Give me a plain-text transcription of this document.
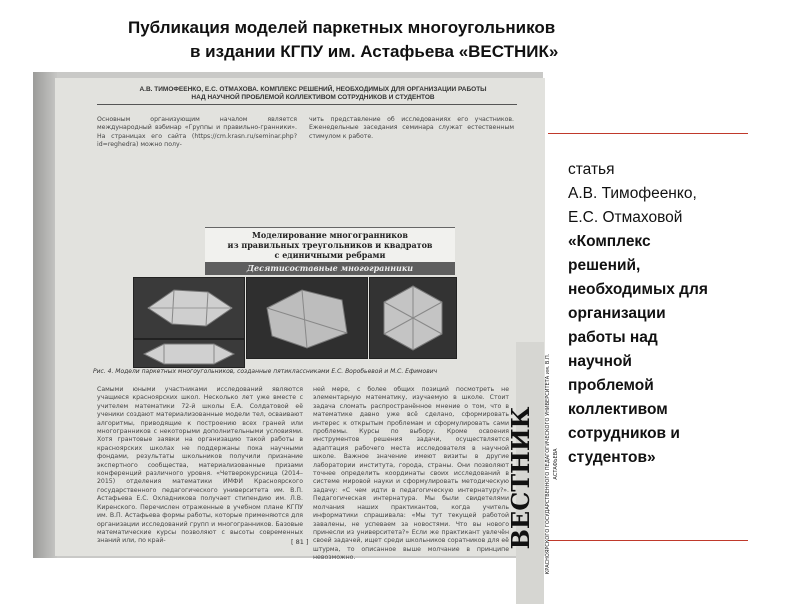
Публикация моделей паркетных многоугольников
в издании КГПУ им. Астафьева «ВЕСТНИК»
А.В. ТИМОФЕЕНКО, Е.С. ОТМАХОВА. КОМПЛЕКС РЕШЕНИЙ, НЕОБХОДИМЫХ ДЛЯ ОРГАНИЗАЦИИ РАБОТЫ
НАД НАУЧНОЙ ПРОБЛЕМОЙ КОЛЛЕКТИВОМ СОТРУДНИКОВ И СТУДЕНТОВ
Основным организующим началом является международный вэбинар «Группы и правильно-гранники». На страницах его сайта (https://cm.krasn.ru/seminar.php?id=reghedra) можно полу-
чить представление об исследованиях его участников. Еженедельные заседания семинара служат естественным стимулом к работе.
Моделирование многогранников
из правильных треугольников и квадратов
с единичными ребрами
Десятисоставные многогранники
Рис. 4. Модели паркетных многоугольников, созданные пятиклассниками Е.С. Воробьевой и М.С. Ефимович
Самыми юными участниками исследований являются учащиеся красноярских школ. Несколько лет уже вместе с учителем математики 72-й школы Е.А. Солдатовой её ученики создают материализованные модели тел, осваивают алгоритмы, приводящие к построению всех граней или многогранников с некоторыми дополнительными условиями. Хотя грантовые заявки на организацию такой работы в красноярских школах не поддержаны пока научными фондами, результаты школьников получили признание экспертного сообщества, материализованные призами конференций различного уровня. «Четверокурсница (2014–2015) отделения математики ИМФИ Красноярского государственного педагогического университета им. В.П. Астафьева Е.С. Охладникова получает стипендию им. Л.В. Киренского. Перечислен отраженные в учебном плане КГПУ им. В.П. Астафьева формы работы, которые применяются для организации исследований групп и многогранников. Базовые математические курсы позволяют с высоты современных знаний или, по край-
ней мере, с более общих позиций посмотреть не элементарную математику, изучаемую в школе. Стоит задача сломать распространённое мнение о том, что в математике давно уже всё сделано, сформировать интерес к открытым проблемам и сформулировать сами проблемы. Курсы по выбору. Кроме освоения инструментов решения задачи, осуществляется адаптация рабочего места исследователя в научной школе. Важное значение имеют визиты в другие лаборатории института, города, страны. Они позволяют точнее определить координаты своих исследований в системе мировой науки и сформулировать методическую задачу: «С чем идти в педагогическую интернатуру?». Педагогическая интернатура. Мы были свидетелями молчания наших практикантов, когда учитель информатики спрашивала: «Мы тут текущей работой завалены, не успеваем за новостями. Что вы нового принесли из университета?» Если же практикант увлечён своей задачей, ищет среди школьников соратников для её штурма, то описанное выше молчание в принципе невозможно.
[ 81 ]	ВЕСТНИК КРАСНОЯРСКОГО ГОСУДАРСТВЕННОГО ПЕДАГОГИЧЕСКОГО УНИВЕРСИТЕТА им. В.П. АСТАФЬЕВА
статья
А.В. Тимофеенко,
Е.С. Отмаховой
«Комплекс
решений,
необходимых для
организации
работы над
научной
проблемой
коллективом
сотрудников и
студентов»
